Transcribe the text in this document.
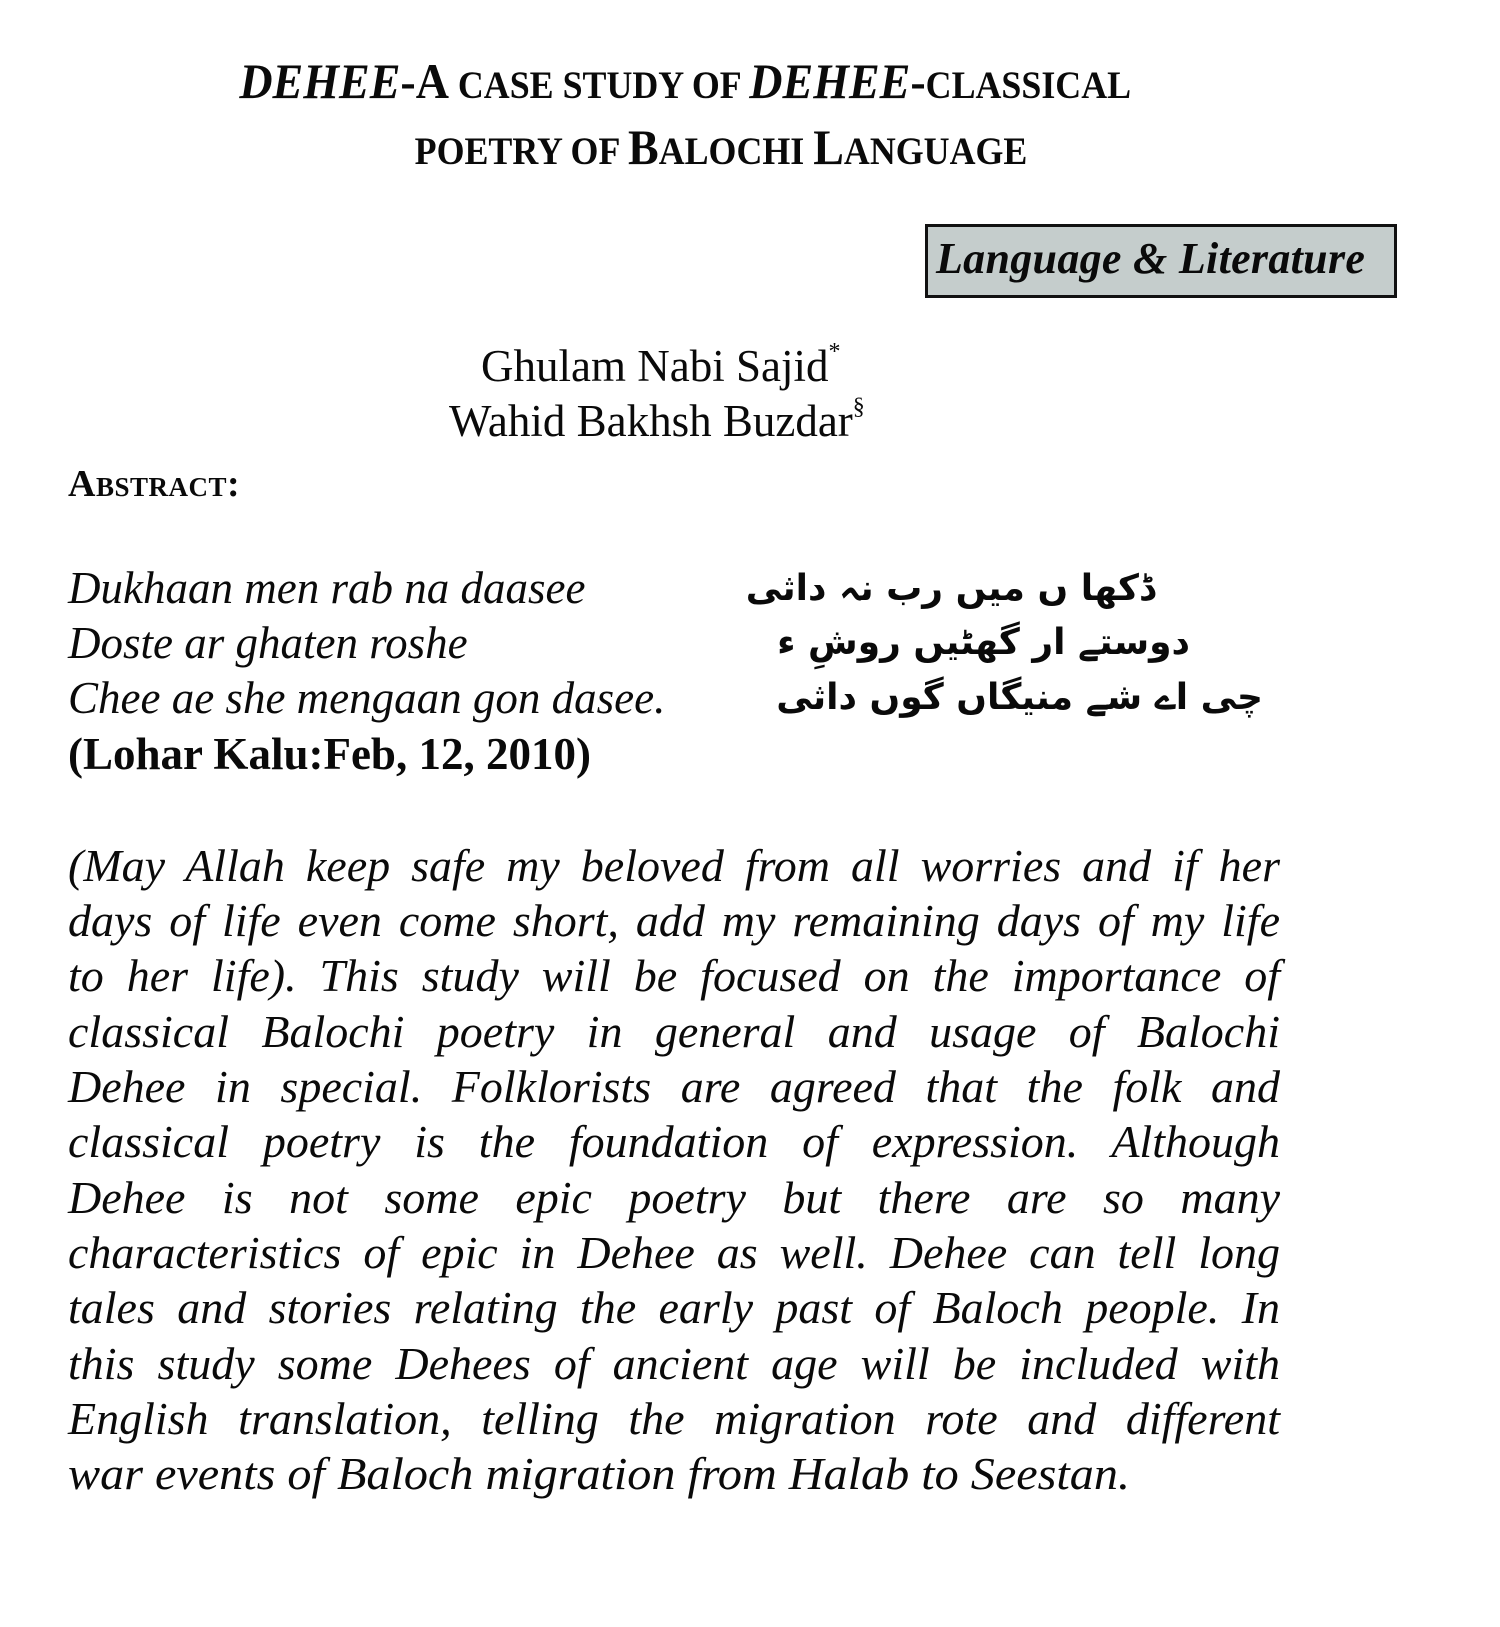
DEHEE-A CASE STUDY OF DEHEE-CLASSICAL
POETRY OF BALOCHI LANGUAGE
Language & Literature
Ghulam Nabi Sajid*
Wahid Bakhsh Buzdar§
Abstract:
Dukhaan men rab na daasee
Doste ar ghaten roshe
Chee ae she mengaan gon dasee.
ڈکھا ں میں رب نہ داثی
دوستے ار گھٹیں روشِ ء
چی اے شے منیگاں گوں داثی
(Lohar Kalu:Feb, 12, 2010)
(May Allah keep safe my beloved from all worries and if her
days of life even come short, add my remaining days of my life
to her life). This study will be focused on the importance of
classical Balochi poetry in general and usage of Balochi
Dehee in special. Folklorists are agreed that the folk and
classical poetry is the foundation of expression. Although
Dehee is not some epic poetry but there are so many
characteristics of epic in Dehee as well. Dehee can tell long
tales and stories relating the early past of Baloch people. In
this study some Dehees of ancient age will be included with
English translation, telling the migration rote and different
war events of Baloch migration from Halab to Seestan.
